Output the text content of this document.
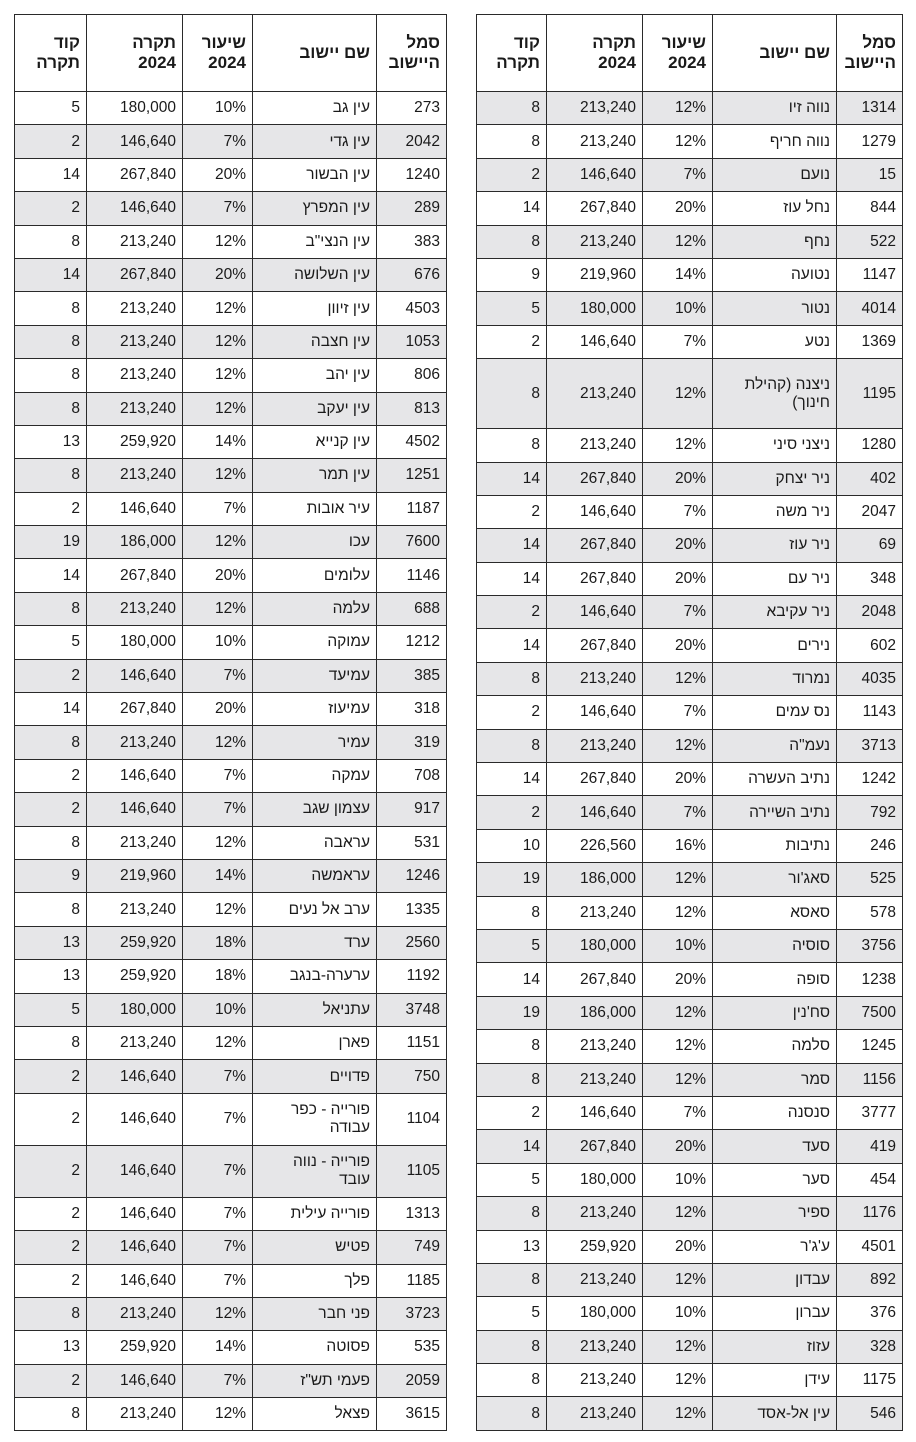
סמל היישוב	שם יישוב	שיעור 2024	תקרה 2024	קוד תקרה
1314	נווה זיו	12%	213,240	8
1279	נווה חריף	12%	213,240	8
15	נועם	7%	146,640	2
844	נחל עוז	20%	267,840	14
522	נחף	12%	213,240	8
1147	נטועה	14%	219,960	9
4014	נטור	10%	180,000	5
1369	נטע	7%	146,640	2
1195	ניצנה (קהילת חינוך)	12%	213,240	8
1280	ניצני סיני	12%	213,240	8
402	ניר יצחק	20%	267,840	14
2047	ניר משה	7%	146,640	2
69	ניר עוז	20%	267,840	14
348	ניר עם	20%	267,840	14
2048	ניר עקיבא	7%	146,640	2
602	נירים	20%	267,840	14
4035	נמרוד	12%	213,240	8
1143	נס עמים	7%	146,640	2
3713	נעמ"ה	12%	213,240	8
1242	נתיב העשרה	20%	267,840	14
792	נתיב השיירה	7%	146,640	2
246	נתיבות	16%	226,560	10
525	סאג'ור	12%	186,000	19
578	סאסא	12%	213,240	8
3756	סוסיה	10%	180,000	5
1238	סופה	20%	267,840	14
7500	סח'נין	12%	186,000	19
1245	סלמה	12%	213,240	8
1156	סמר	12%	213,240	8
3777	סנסנה	7%	146,640	2
419	סעד	20%	267,840	14
454	סער	10%	180,000	5
1176	ספיר	12%	213,240	8
4501	ע'ג'ר	20%	259,920	13
892	עבדון	12%	213,240	8
376	עברון	10%	180,000	5
328	עזוז	12%	213,240	8
1175	עידן	12%	213,240	8
546	עין אל-אסד	12%	213,240	8
סמל היישוב	שם יישוב	שיעור 2024	תקרה 2024	קוד תקרה
273	עין גב	10%	180,000	5
2042	עין גדי	7%	146,640	2
1240	עין הבשור	20%	267,840	14
289	עין המפרץ	7%	146,640	2
383	עין הנצי"ב	12%	213,240	8
676	עין השלושה	20%	267,840	14
4503	עין זיוון	12%	213,240	8
1053	עין חצבה	12%	213,240	8
806	עין יהב	12%	213,240	8
813	עין יעקב	12%	213,240	8
4502	עין קנייא	14%	259,920	13
1251	עין תמר	12%	213,240	8
1187	עיר אובות	7%	146,640	2
7600	עכו	12%	186,000	19
1146	עלומים	20%	267,840	14
688	עלמה	12%	213,240	8
1212	עמוקה	10%	180,000	5
385	עמיעד	7%	146,640	2
318	עמיעוז	20%	267,840	14
319	עמיר	12%	213,240	8
708	עמקה	7%	146,640	2
917	עצמון שגב	7%	146,640	2
531	עראבה	12%	213,240	8
1246	עראמשה	14%	219,960	9
1335	ערב אל נעים	12%	213,240	8
2560	ערד	18%	259,920	13
1192	ערערה-בנגב	18%	259,920	13
3748	עתניאל	10%	180,000	5
1151	פארן	12%	213,240	8
750	פדויים	7%	146,640	2
1104	פורייה - כפר עבודה	7%	146,640	2
1105	פורייה - נווה עובד	7%	146,640	2
1313	פורייה עילית	7%	146,640	2
749	פטיש	7%	146,640	2
1185	פלך	7%	146,640	2
3723	פני חבר	12%	213,240	8
535	פסוטה	14%	259,920	13
2059	פעמי תש"ז	7%	146,640	2
3615	פצאל	12%	213,240	8
